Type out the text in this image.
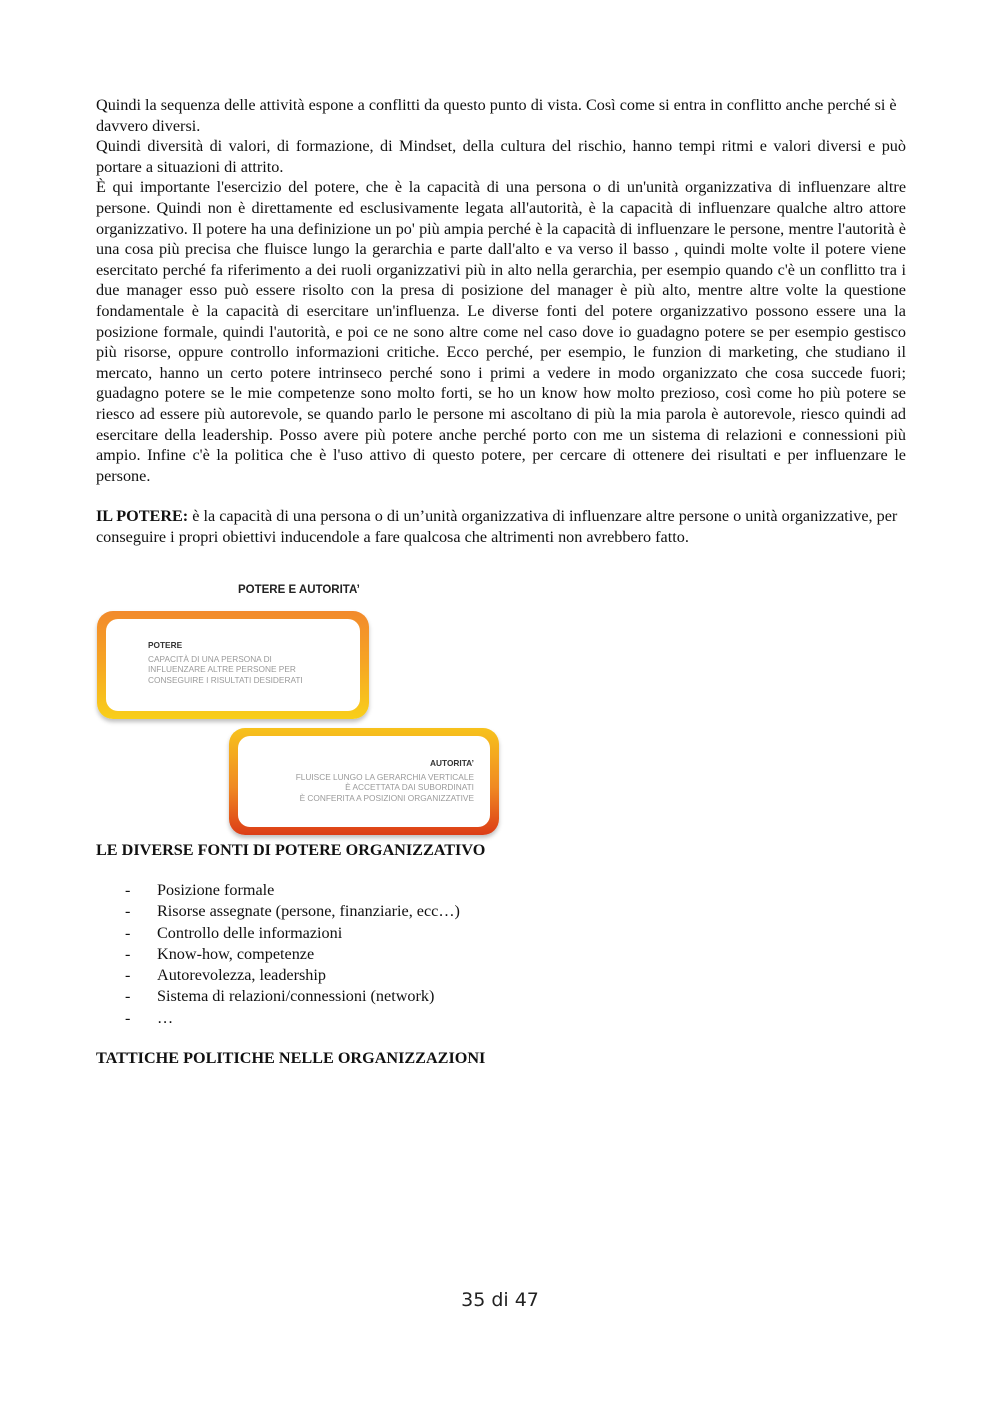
Quindi la sequenza delle attività espone a conflitti da questo punto di vista. Così come si entra in conflitto anche perché si è davvero diversi.

Quindi diversità di valori, di formazione, di Mindset, della cultura del rischio, hanno tempi ritmi e valori diversi e può portare a situazioni di attrito.

È qui importante l'esercizio del potere, che è la capacità di una persona o di un'unità organizzativa di influenzare altre persone. Quindi non è direttamente ed esclusivamente legata all'autorità, è la capacità di influenzare qualche altro attore organizzativo. Il potere ha una definizione un po' più ampia perché è la capacità di influenzare le persone, mentre l'autorità è una cosa più precisa che fluisce lungo la gerarchia e parte dall'alto e va verso il basso , quindi molte volte il potere viene esercitato perché fa riferimento a dei ruoli organizzativi più in alto nella gerarchia, per esempio quando c'è un conflitto tra i due manager esso può essere risolto con la presa di posizione del manager è più alto, mentre altre volte la questione fondamentale è la capacità di esercitare un'influenza. Le diverse fonti del potere organizzativo possono essere una la posizione formale, quindi l'autorità, e poi ce ne sono altre come nel caso dove io guadagno potere se per esempio gestisco più risorse, oppure controllo informazioni critiche. Ecco perché, per esempio, le funzion di marketing, che studiano il mercato, hanno un certo potere intrinseco perché sono i primi a vedere in modo organizzato che cosa succede fuori; guadagno potere se le mie competenze sono molto forti, se ho un know how molto prezioso, così come ho più potere se riesco ad essere più autorevole, se quando parlo le persone mi ascoltano di più la mia parola è autorevole, riesco quindi ad esercitare della leadership. Posso avere più potere anche perché porto con me un sistema di relazioni e connessioni più ampio. Infine c'è la politica che è l'uso attivo di questo potere, per cercare di ottenere dei risultati e per influenzare le persone.

IL POTERE: è la capacità di una persona o di un’unità organizzativa di influenzare altre persone o unità organizzative, per conseguire i propri obiettivi inducendole a fare qualcosa che altrimenti non avrebbero fatto.

POTERE E AUTORITA’
POTERE
CAPACITÀ DI UNA PERSONA DI
INFLUENZARE ALTRE PERSONE PER
CONSEGUIRE I RISULTATI DESIDERATI
AUTORITA’
FLUISCE LUNGO LA GERARCHIA VERTICALE
È ACCETTATA DAI SUBORDINATI
È CONFERITA A POSIZIONI ORGANIZZATIVE
LE DIVERSE FONTI DI POTERE ORGANIZZATIVO
- Posizione formale
- Risorse assegnate (persone, finanziarie, ecc…)
- Controllo delle informazioni
- Know-how, competenze
- Autorevolezza, leadership
- Sistema di relazioni/connessioni (network)
- …
TATTICHE POLITICHE NELLE ORGANIZZAZIONI
35 di 47
